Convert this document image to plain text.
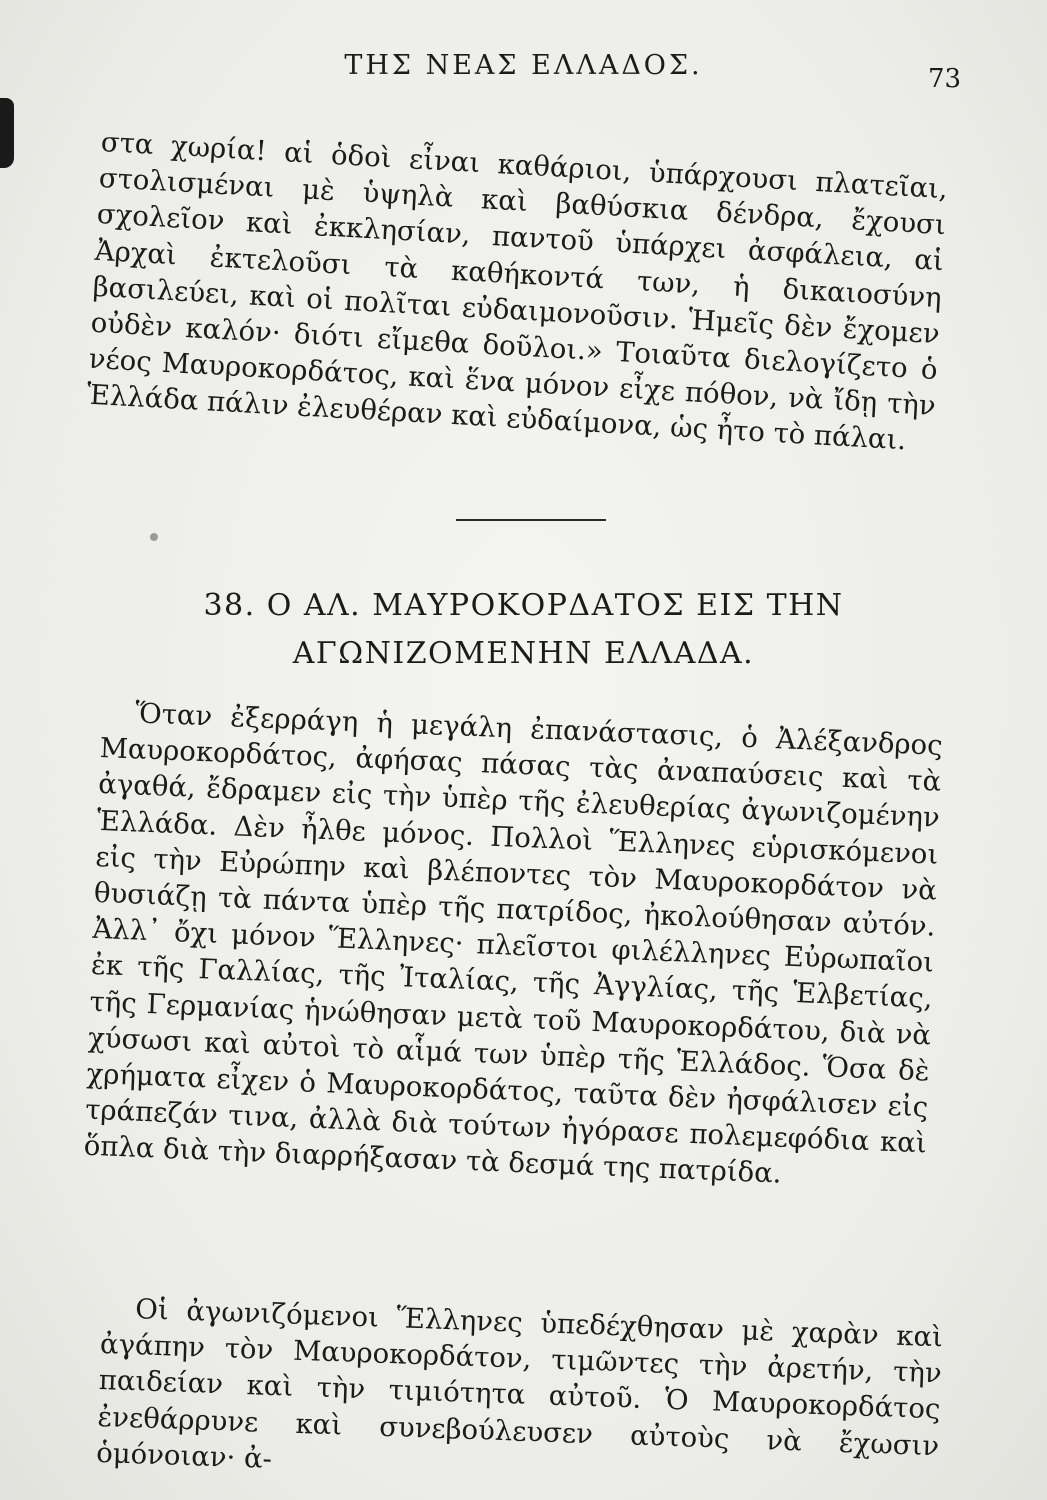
ΤΗΣ ΝΕΑΣ ΕΛΛΑΔΟΣ.	73
στα χωρία! αἱ ὁδοὶ εἶναι καθάριοι, ὑπάρχουσι πλατεῖαι, στολισμέναι μὲ ὑψηλὰ καὶ βαθύσκια δένδρα, ἔχουσι σχολεῖον καὶ ἐκκλησίαν, παντοῦ ὑπάρχει ἀσφάλεια, αἱ Ἀρχαὶ ἐκτελοῦσι τὰ καθήκοντά των, ἡ δικαιοσύνη βασιλεύει, καὶ οἱ πολῖται εὐδαιμονοῦσιν. Ἡμεῖς δὲν ἔχομεν οὐδὲν καλόν· διότι εἴμεθα δοῦλοι.» Τοιαῦτα διελογίζετο ὁ νέος Μαυροκορδάτος, καὶ ἕνα μόνον εἶχε πόθον, νὰ ἴδῃ τὴν Ἑλλάδα πάλιν ἐλευθέραν καὶ εὐδαίμονα, ὡς ἦτο τὸ πάλαι.
38. Ο ΑΛ. ΜΑΥΡΟΚΟΡΔΑΤΟΣ ΕΙΣ ΤΗΝ
ΑΓΩΝΙΖΟΜΕΝΗΝ ΕΛΛΑΔΑ.
Ὅταν ἐξερράγη ἡ μεγάλη ἐπανάστασις, ὁ Ἀλέξανδρος Μαυροκορδάτος, ἀφήσας πάσας τὰς ἀναπαύσεις καὶ τὰ ἀγαθά, ἔδραμεν εἰς τὴν ὑπὲρ τῆς ἐλευθερίας ἀγωνιζομένην Ἑλλάδα. Δὲν ἦλθε μόνος. Πολλοὶ Ἕλληνες εὑρισκόμενοι εἰς τὴν Εὐρώπην καὶ βλέποντες τὸν Μαυροκορδάτον νὰ θυσιάζῃ τὰ πάντα ὑπὲρ τῆς πατρίδος, ἠκολούθησαν αὐτόν. Ἀλλ᾽ ὄχι μόνον Ἕλληνες· πλεῖστοι φιλέλληνες Εὐρωπαῖοι ἐκ τῆς Γαλλίας, τῆς Ἰταλίας, τῆς Ἀγγλίας, τῆς Ἑλβετίας, τῆς Γερμανίας ἡνώθησαν μετὰ τοῦ Μαυροκορδάτου, διὰ νὰ χύσωσι καὶ αὐτοὶ τὸ αἷμά των ὑπὲρ τῆς Ἑλλάδος. Ὅσα δὲ χρήματα εἶχεν ὁ Μαυροκορδάτος, ταῦτα δὲν ἠσφάλισεν εἰς τράπεζάν τινα, ἀλλὰ διὰ τούτων ἠγόρασε πολεμεφόδια καὶ ὅπλα διὰ τὴν διαρρήξασαν τὰ δεσμά της πατρίδα.
Οἱ ἀγωνιζόμενοι Ἕλληνες ὑπεδέχθησαν μὲ χαρὰν καὶ ἀγάπην τὸν Μαυροκορδάτον, τιμῶντες τὴν ἀρετήν, τὴν παιδείαν καὶ τὴν τιμιότητα αὐτοῦ. Ὁ Μαυροκορδάτος ἐνεθάρρυνε καὶ συνεβούλευσεν αὐτοὺς νὰ ἔχωσιν ὁμόνοιαν· ἀ-
